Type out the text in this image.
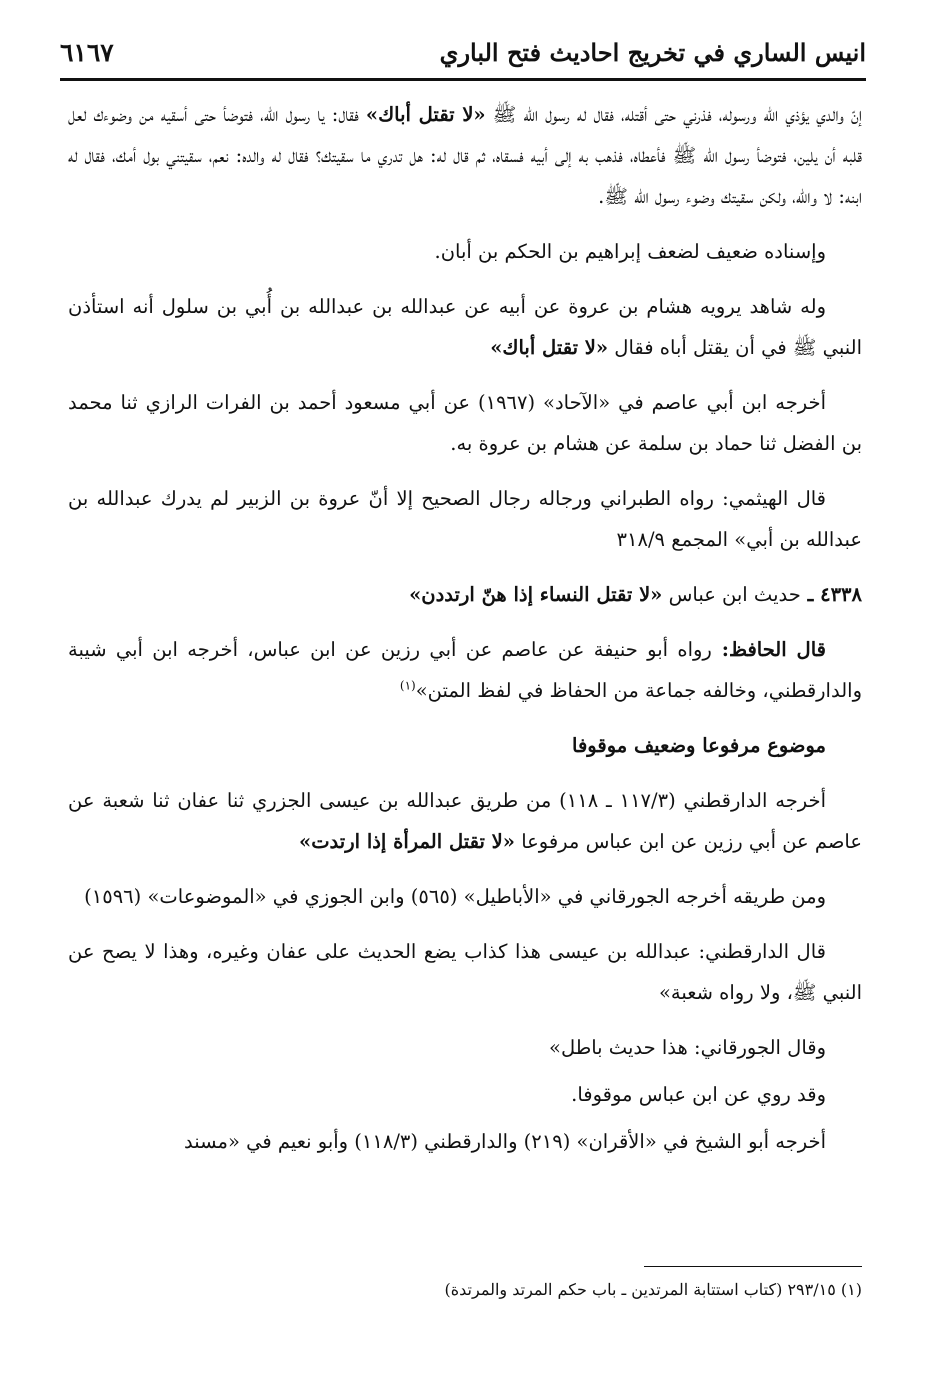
انيس الساري في تخريج احاديث فتح الباري
٦١٦٧

إنّ والدي يؤذي الله ورسوله، فذرني حتى أقتله، فقال له رسول الله ﷺ «لا تقتل أباك» فقال: يا رسول الله، فتوضأ حتى أسقيه من وضوءك لعل قلبه أن يلين، فتوضأ رسول الله ﷺ فأعطاه، فذهب به إلى أبيه فسقاه، ثم قال له: هل تدري ما سقيتك؟ فقال له والده: نعم، سقيتني بول أمك، فقال له ابنه: لا والله، ولكن سقيتك وضوء رسول الله ﷺ.

وإسناده ضعيف لضعف إبراهيم بن الحكم بن أبان.

وله شاهد يرويه هشام بن عروة عن أبيه عن عبدالله بن عبدالله بن أُبي بن سلول أنه استأذن النبي ﷺ في أن يقتل أباه فقال «لا تقتل أباك»

أخرجه ابن أبي عاصم في «الآحاد» (١٩٦٧) عن أبي مسعود أحمد بن الفرات الرازي ثنا محمد بن الفضل ثنا حماد بن سلمة عن هشام بن عروة به.

قال الهيثمي: رواه الطبراني ورجاله رجال الصحيح إلا أنّ عروة بن الزبير لم يدرك عبدالله بن عبدالله بن أبي» المجمع ٣١٨/٩

٤٣٣٨ ـ حديث ابن عباس «لا تقتل النساء إذا هنّ ارتددن»

قال الحافظ: رواه أبو حنيفة عن عاصم عن أبي رزين عن ابن عباس، أخرجه ابن أبي شيبة والدارقطني، وخالفه جماعة من الحفاظ في لفظ المتن»$^{(١)}$

موضوع مرفوعا وضعيف موقوفا

أخرجه الدارقطني (١١٧/٣ ـ ١١٨) من طريق عبدالله بن عيسى الجزري ثنا عفان ثنا شعبة عن عاصم عن أبي رزين عن ابن عباس مرفوعا «لا تقتل المرأة إذا ارتدت»

ومن طريقه أخرجه الجورقاني في «الأباطيل» (٥٦٥) وابن الجوزي في «الموضوعات» (١٥٩٦)

قال الدارقطني: عبدالله بن عيسى هذا كذاب يضع الحديث على عفان وغيره، وهذا لا يصح عن النبي ﷺ، ولا رواه شعبة»

وقال الجورقاني: هذا حديث باطل»

وقد روي عن ابن عباس موقوفا.

أخرجه أبو الشيخ في «الأقران» (٢١٩) والدارقطني (١١٨/٣) وأبو نعيم في «مسند

(١) ٢٩٣/١٥ (كتاب استتابة المرتدين ـ باب حكم المرتد والمرتدة)
